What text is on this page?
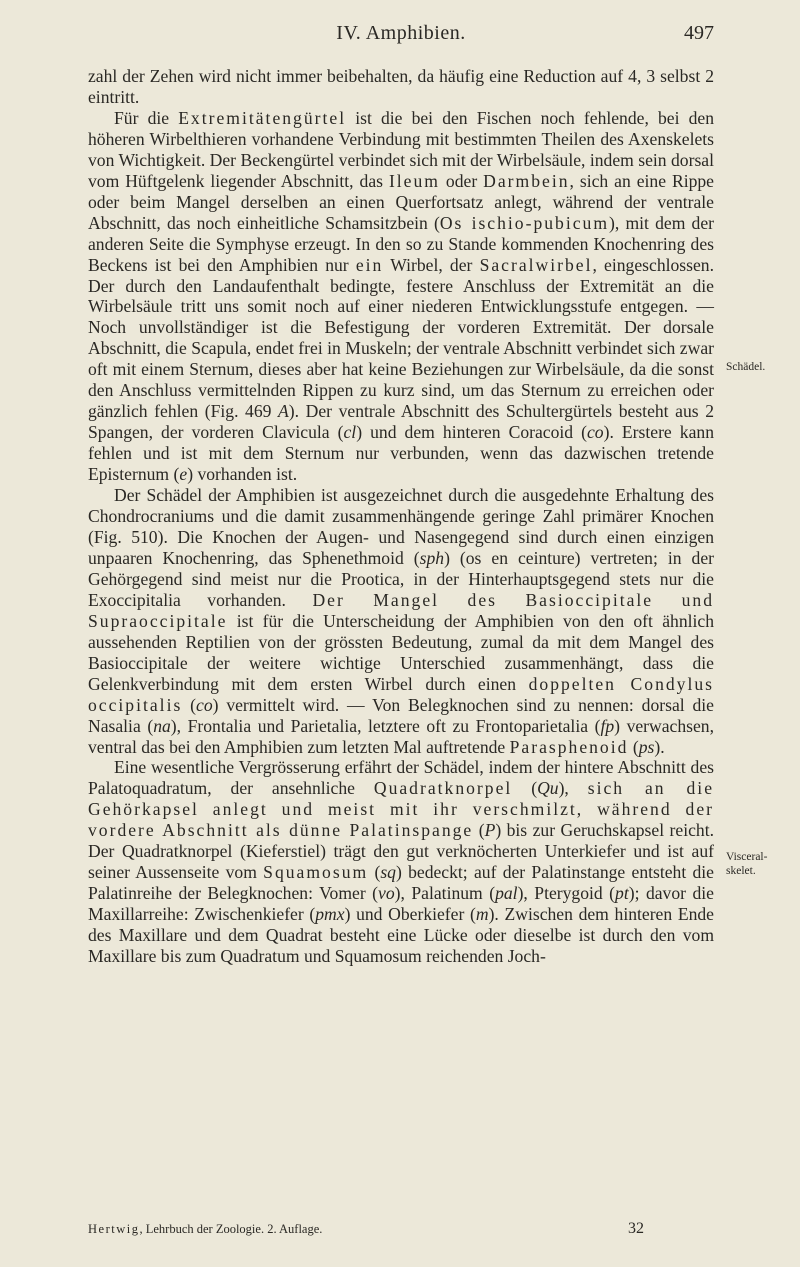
IV. Amphibien.	497

zahl der Zehen wird nicht immer beibehalten, da häufig eine Reduction auf 4, 3 selbst 2 eintritt.

Für die Extremitätengürtel ist die bei den Fischen noch fehlende, bei den höheren Wirbelthieren vorhandene Verbindung mit bestimmten Theilen des Axenskelets von Wichtigkeit. Der Beckengürtel verbindet sich mit der Wirbelsäule, indem sein dorsal vom Hüftgelenk liegender Abschnitt, das Ileum oder Darmbein, sich an eine Rippe oder beim Mangel derselben an einen Querfortsatz anlegt, während der ventrale Abschnitt, das noch einheitliche Schamsitzbein (Os ischio-pubicum), mit dem der anderen Seite die Symphyse erzeugt. In den so zu Stande kommenden Knochenring des Beckens ist bei den Amphibien nur ein Wirbel, der Sacralwirbel, eingeschlossen. Der durch den Landaufenthalt bedingte, festere Anschluss der Extremität an die Wirbelsäule tritt uns somit noch auf einer niederen Entwicklungsstufe entgegen. — Noch unvollständiger ist die Befestigung der vorderen Extremität. Der dorsale Abschnitt, die Scapula, endet frei in Muskeln; der ventrale Abschnitt verbindet sich zwar oft mit einem Sternum, dieses aber hat keine Beziehungen zur Wirbelsäule, da die sonst den Anschluss vermittelnden Rippen zu kurz sind, um das Sternum zu erreichen oder gänzlich fehlen (Fig. 469 A). Der ventrale Abschnitt des Schultergürtels besteht aus 2 Spangen, der vorderen Clavicula (cl) und dem hinteren Coracoid (co). Erstere kann fehlen und ist mit dem Sternum nur verbunden, wenn das dazwischen tretende Episternum (e) vorhanden ist.

Der Schädel der Amphibien ist ausgezeichnet durch die ausgedehnte Erhaltung des Chondrocraniums und die damit zusammenhängende geringe Zahl primärer Knochen (Fig. 510). Die Knochen der Augen- und Nasengegend sind durch einen einzigen unpaaren Knochenring, das Sphenethmoid (sph) (os en ceinture) vertreten; in der Gehörgegend sind meist nur die Prootica, in der Hinterhauptsgegend stets nur die Exoccipitalia vorhanden. Der Mangel des Basioccipitale und Supraoccipitale ist für die Unterscheidung der Amphibien von den oft ähnlich aussehenden Reptilien von der grössten Bedeutung, zumal da mit dem Mangel des Basioccipitale der weitere wichtige Unterschied zusammenhängt, dass die Gelenkverbindung mit dem ersten Wirbel durch einen doppelten Condylus occipitalis (co) vermittelt wird. — Von Belegknochen sind zu nennen: dorsal die Nasalia (na), Frontalia und Parietalia, letztere oft zu Frontoparietalia (fp) verwachsen, ventral das bei den Amphibien zum letzten Mal auftretende Parasphenoid (ps).

Eine wesentliche Vergrösserung erfährt der Schädel, indem der hintere Abschnitt des Palatoquadratum, der ansehnliche Quadratknorpel (Qu), sich an die Gehörkapsel anlegt und meist mit ihr verschmilzt, während der vordere Abschnitt als dünne Palatinspange (P) bis zur Geruchskapsel reicht. Der Quadratknorpel (Kieferstiel) trägt den gut verknöcherten Unterkiefer und ist auf seiner Aussenseite vom Squamosum (sq) bedeckt; auf der Palatinstange entsteht die Palatinreihe der Belegknochen: Vomer (vo), Palatinum (pal), Pterygoid (pt); davor die Maxillarreihe: Zwischenkiefer (pmx) und Oberkiefer (m). Zwischen dem hinteren Ende des Maxillare und dem Quadrat besteht eine Lücke oder dieselbe ist durch den vom Maxillare bis zum Quadratum und Squamosum reichenden Joch-

Schädel.
Visceral-
skelet.
Hertwig, Lehrbuch der Zoologie. 2. Auflage.	32
